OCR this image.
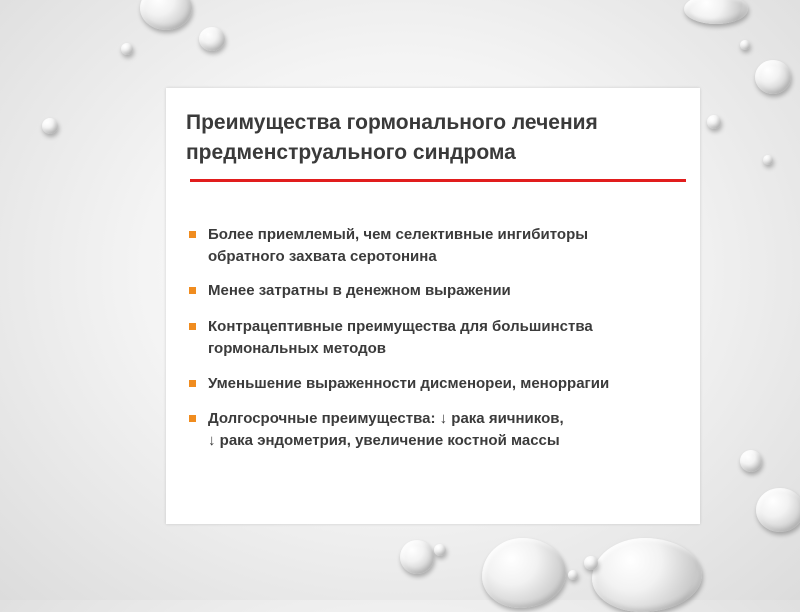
Преимущества гормонального лечения
предменструального синдрома
Более приемлемый, чем селективные ингибиторы
обратного захвата серотонина
Менее затратны в денежном выражении
Контрацептивные преимущества для большинства
гормональных методов
Уменьшение выраженности дисменореи, меноррагии
Долгосрочные преимущества: ↓ рака яичников,
↓ рака эндометрия, увеличение костной массы
